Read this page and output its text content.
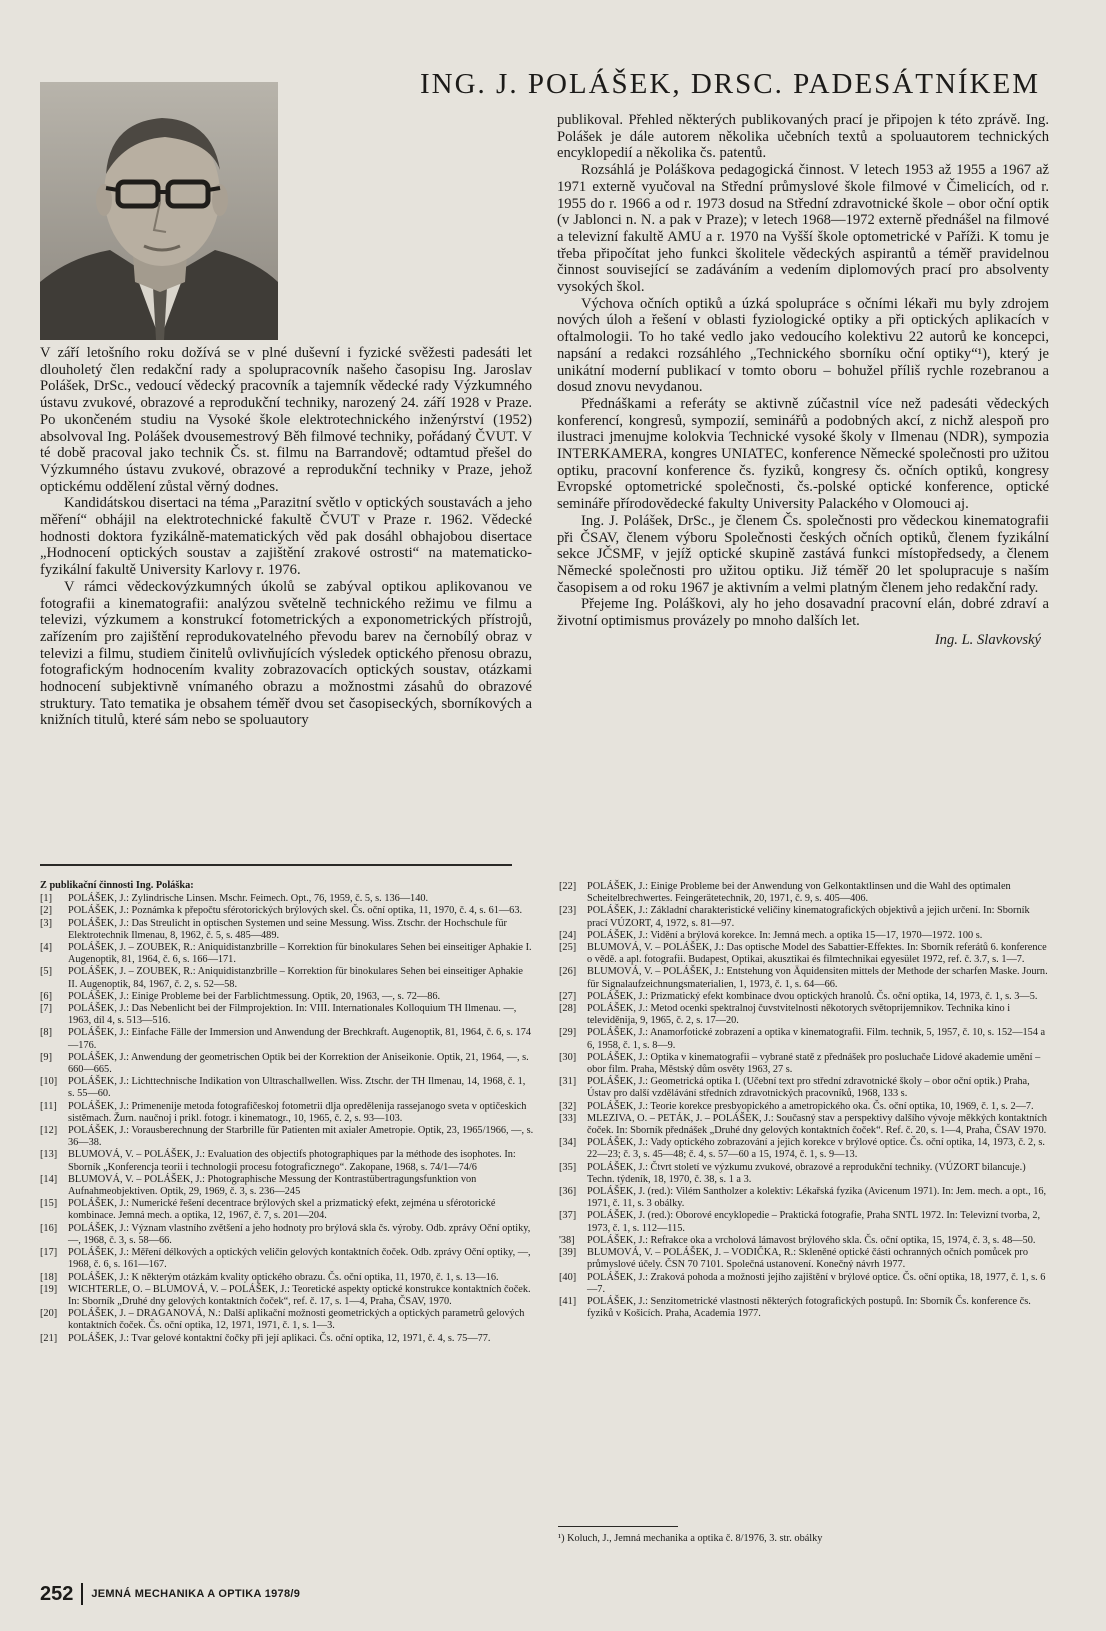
ING. J. POLÁŠEK, DRSC. PADESÁTNÍKEM

V září letošního roku dožívá se v plné duševní i fyzické svěžesti padesáti let dlouholetý člen redakční rady a spolupracovník našeho časopisu Ing. Jaroslav Polášek, DrSc., vedoucí vědecký pracovník a tajemník vědecké rady Výzkumného ústavu zvukové, obrazové a reprodukční techniky, narozený 24. září 1928 v Praze. Po ukončeném studiu na Vysoké škole elektrotechnického inženýrství (1952) absolvoval Ing. Polášek dvousemestrový Běh filmové techniky, pořádaný ČVUT. V té době pracoval jako technik Čs. st. filmu na Barrandově; odtamtud přešel do Výzkumného ústavu zvukové, obrazové a reprodukční techniky v Praze, jehož optickému oddělení zůstal věrný dodnes.

Kandidátskou disertaci na téma „Parazitní světlo v optických soustavách a jeho měření“ obhájil na elektrotechnické fakultě ČVUT v Praze r. 1962. Vědecké hodnosti doktora fyzikálně-matematických věd pak dosáhl obhajobou disertace „Hodnocení optických soustav a zajištění zrakové ostrosti“ na matematicko-fyzikální fakultě University Karlovy r. 1976.

V rámci vědeckovýzkumných úkolů se zabýval optikou aplikovanou ve fotografii a kinematografii: analýzou světelně technického režimu ve filmu a televizi, výzkumem a konstrukcí fotometrických a exponometrických přístrojů, zařízením pro zajištění reprodukovatelného převodu barev na černobílý obraz v televizi a filmu, studiem činitelů ovlivňujících výsledek optického přenosu obrazu, fotografickým hodnocením kvality zobrazovacích optických soustav, otázkami hodnocení subjektivně vnímaného obrazu a možnostmi zásahů do obrazové struktury. Tato tematika je obsahem téměř dvou set časopiseckých, sborníkových a knižních titulů, které sám nebo se spoluautory

publikoval. Přehled některých publikovaných prací je připojen k této zprávě. Ing. Polášek je dále autorem několika učebních textů a spoluautorem technických encyklopedií a několika čs. patentů.

Rozsáhlá je Poláškova pedagogická činnost. V letech 1953 až 1955 a 1967 až 1971 externě vyučoval na Střední průmyslové škole filmové v Čimelicích, od r. 1955 do r. 1966 a od r. 1973 dosud na Střední zdravotnické škole – obor oční optik (v Jablonci n. N. a pak v Praze); v letech 1968—1972 externě přednášel na filmové a televizní fakultě AMU a r. 1970 na Vyšší škole optometrické v Paříži. K tomu je třeba připočítat jeho funkci školitele vědeckých aspirantů a téměř pravidelnou činnost související se zadáváním a vedením diplomových prací pro absolventy vysokých škol.

Výchova očních optiků a úzká spolupráce s očními lékaři mu byly zdrojem nových úloh a řešení v oblasti fyziologické optiky a při optických aplikacích v oftalmologii. To ho také vedlo jako vedoucího kolektivu 22 autorů ke koncepci, napsání a redakci rozsáhlého „Technického sborníku oční optiky“¹), který je unikátní moderní publikací v tomto oboru – bohužel příliš rychle rozebranou a dosud znovu nevydanou.

Přednáškami a referáty se aktivně zúčastnil více než padesáti vědeckých konferencí, kongresů, sympozií, seminářů a podobných akcí, z nichž alespoň pro ilustraci jmenujme kolokvia Technické vysoké školy v Ilmenau (NDR), sympozia INTERKAMERA, kongres UNIATEC, konference Německé společnosti pro užitou optiku, pracovní konference čs. fyziků, kongresy čs. očních optiků, kongresy Evropské optometrické společnosti, čs.-polské optické konference, optické semináře přírodovědecké fakulty University Palackého v Olomouci aj.

Ing. J. Polášek, DrSc., je členem Čs. společnosti pro vědeckou kinematografii při ČSAV, členem výboru Společnosti českých očních optiků, členem fyzikální sekce JČSMF, v jejíž optické skupině zastává funkci místopředsedy, a členem Německé společnosti pro užitou optiku. Již téměř 20 let spolupracuje s naším časopisem a od roku 1967 je aktivním a velmi platným členem jeho redakční rady.

Přejeme Ing. Poláškovi, aly ho jeho dosavadní pracovní elán, dobré zdraví a životní optimismus provázely po mnoho dalších let.

Ing. L. Slavkovský

Z publikační činnosti Ing. Poláška:
[1] POLÁŠEK, J.: Zylindrische Linsen. Mschr. Feimech. Opt., 76, 1959, č. 5, s. 136—140.
[2] POLÁŠEK, J.: Poznámka k přepočtu sférotorických brýlových skel. Čs. oční optika, 11, 1970, č. 4, s. 61—63.
[3] POLÁŠEK, J.: Das Streulicht in optischen Systemen und seine Messung. Wiss. Ztschr. der Hochschule für Elektrotechnik Ilmenau, 8, 1962, č. 5, s. 485—489.
[4] POLÁŠEK, J. – ZOUBEK, R.: Aniquidistanzbrille – Korrektion für binokulares Sehen bei einseitiger Aphakie I. Augenoptik, 81, 1964, č. 6, s. 166—171.
[5] POLÁŠEK, J. – ZOUBEK, R.: Aniquidistanzbrille – Korrektion für binokulares Sehen bei einseitiger Aphakie II. Augenoptik, 84, 1967, č. 2, s. 52—58.
[6] POLÁŠEK, J.: Einige Probleme bei der Farblichtmessung. Optik, 20, 1963, —, s. 72—86.
[7] POLÁŠEK, J.: Das Nebenlicht bei der Filmprojektion. In: VIII. Internationales Kolloquium TH Ilmenau. —, 1963, díl 4, s. 513—516.
[8] POLÁŠEK, J.: Einfache Fälle der Immersion und Anwendung der Brechkraft. Augenoptik, 81, 1964, č. 6, s. 174—176.
[9] POLÁŠEK, J.: Anwendung der geometrischen Optik bei der Korrektion der Aniseikonie. Optik, 21, 1964, —, s. 660—665.
[10] POLÁŠEK, J.: Lichttechnische Indikation von Ultraschallwellen. Wiss. Ztschr. der TH Ilmenau, 14, 1968, č. 1, s. 55—60.
[11] POLÁŠEK, J.: Primenenije metoda fotografičeskoj fotometrii dlja opredělenija rassejanogo sveta v optičeskich sistěmach. Žurn. naučnoj i prikl. fotogr. i kinematogr., 10, 1965, č. 2, s. 93—103.
[12] POLÁŠEK, J.: Vorausberechnung der Starbrille für Patienten mit axialer Ametropie. Optik, 23, 1965/1966, —, s. 36—38.
[13] BLUMOVÁ, V. – POLÁŠEK, J.: Evaluation des objectifs photographiques par la méthode des isophotes. In: Sborník „Konferencja teorii i technologii procesu fotograficznego“. Zakopane, 1968, s. 74/1—74/6
[14] BLUMOVÁ, V. – POLÁŠEK, J.: Photographische Messung der Kontrastübertragungsfunktion von Aufnahmeobjektiven. Optik, 29, 1969, č. 3, s. 236—245
[15] POLÁŠEK, J.: Numerické řešení decentrace brýlových skel a prizmatický efekt, zejména u sférotorické kombinace. Jemná mech. a optika, 12, 1967, č. 7, s. 201—204.
[16] POLÁŠEK, J.: Význam vlastního zvětšení a jeho hodnoty pro brýlová skla čs. výroby. Odb. zprávy Oční optiky, —, 1968, č. 3, s. 58—66.
[17] POLÁŠEK, J.: Měření délkových a optických veličin gelových kontaktních čoček. Odb. zprávy Oční optiky, —, 1968, č. 6, s. 161—167.
[18] POLÁŠEK, J.: K některým otázkám kvality optického obrazu. Čs. oční optika, 11, 1970, č. 1, s. 13—16.
[19] WICHTERLE, O. – BLUMOVÁ, V. – POLÁŠEK, J.: Teoretické aspekty optické konstrukce kontaktních čoček. In: Sborník „Druhé dny gelových kontaktních čoček“, ref. č. 17, s. 1—4, Praha, ČSAV, 1970.
[20] POLÁŠEK, J. – DRAGANOVÁ, N.: Další aplikační možnosti geometrických a optických parametrů gelových kontaktních čoček. Čs. oční optika, 12, 1971, 1971, č. 1, s. 1—3.
[21] POLÁŠEK, J.: Tvar gelové kontaktní čočky při její aplikaci. Čs. oční optika, 12, 1971, č. 4, s. 75—77.
[22] POLÁŠEK, J.: Einige Probleme bei der Anwendung von Gelkontaktlinsen und die Wahl des optimalen Scheitelbrechwertes. Feingerätetechnik, 20, 1971, č. 9, s. 405—406.
[23] POLÁŠEK, J.: Základní charakteristické veličiny kinematografických objektivů a jejich určení. In: Sborník prací VÚZORT, 4, 1972, s. 81—97.
[24] POLÁŠEK, J.: Vidění a brýlová korekce. In: Jemná mech. a optika 15—17, 1970—1972. 100 s.
[25] BLUMOVÁ, V. – POLÁŠEK, J.: Das optische Model des Sabattier-Effektes. In: Sborník referátů 6. konference o vědě. a apl. fotografii. Budapest, Optikai, akusztikai és filmtechnikai egyesület 1972, ref. č. 3.7, s. 1—7.
[26] BLUMOVÁ, V. – POLÁŠEK, J.: Entstehung von Äquidensiten mittels der Methode der scharfen Maske. Journ. für Signalaufzeichnungsmaterialien, 1, 1973, č. 1, s. 64—66.
[27] POLÁŠEK, J.: Prizmatický efekt kombinace dvou optických hranolů. Čs. oční optika, 14, 1973, č. 1, s. 3—5.
[28] POLÁŠEK, J.: Metod ocenki spektralnoj čuvstvitelnosti někotorych světoprijemnikov. Technika kino i televiděnija, 9, 1965, č. 2, s. 17—20.
[29] POLÁŠEK, J.: Anamorfotické zobrazení a optika v kinematografii. Film. technik, 5, 1957, č. 10, s. 152—154 a 6, 1958, č. 1, s. 8—9.
[30] POLÁŠEK, J.: Optika v kinematografii – vybrané statě z přednášek pro posluchače Lidové akademie umění – obor film. Praha, Městský dům osvěty 1963, 27 s.
[31] POLÁŠEK, J.: Geometrická optika I. (Učební text pro střední zdravotnické školy – obor oční optik.) Praha, Ústav pro další vzdělávání středních zdravotnických pracovníků, 1968, 133 s.
[32] POLÁŠEK, J.: Teorie korekce presbyopického a ametropického oka. Čs. oční optika, 10, 1969, č. 1, s. 2—7.
[33] MLEZIVA, O. – PETÁK, J. – POLÁŠEK, J.: Současný stav a perspektivy dalšího vývoje měkkých kontaktních čoček. In: Sborník přednášek „Druhé dny gelových kontaktních čoček“. Ref. č. 20, s. 1—4, Praha, ČSAV 1970.
[34] POLÁŠEK, J.: Vady optického zobrazování a jejich korekce v brýlové optice. Čs. oční optika, 14, 1973, č. 2, s. 22—23; č. 3, s. 45—48; č. 4, s. 57—60 a 15, 1974, č. 1, s. 9—13.
[35] POLÁŠEK, J.: Čtvrt století ve výzkumu zvukové, obrazové a reprodukční techniky. (VÚZORT bilancuje.) Techn. týdeník, 18, 1970, č. 38, s. 1 a 3.
[36] POLÁŠEK, J. (red.): Vilém Santholzer a kolektiv: Lékařská fyzika (Avicenum 1971). In: Jem. mech. a opt., 16, 1971, č. 11, s. 3 obálky.
[37] POLÁŠEK, J. (red.): Oborové encyklopedie – Praktická fotografie, Praha SNTL 1972. In: Televizní tvorba, 2, 1973, č. 1, s. 112—115.
'38] POLÁŠEK, J.: Refrakce oka a vrcholová lámavost brýlového skla. Čs. oční optika, 15, 1974, č. 3, s. 48—50.
[39] BLUMOVÁ, V. – POLÁŠEK, J. – VODIČKA, R.: Skleněné optické části ochranných očních pomůcek pro průmyslové účely. ČSN 70 7101. Společná ustanovení. Konečný návrh 1977.
[40] POLÁŠEK, J.: Zraková pohoda a možnosti jejího zajištění v brýlové optice. Čs. oční optika, 18, 1977, č. 1, s. 6—7.
[41] POLÁŠEK, J.: Senzitometrické vlastnosti některých fotografických postupů. In: Sborník Čs. konference čs. fyziků v Košicích. Praha, Academia 1977.
¹) Koluch, J., Jemná mechanika a optika č. 8/1976, 3. str. obálky
252 JEMNÁ MECHANIKA A OPTIKA 1978/9
